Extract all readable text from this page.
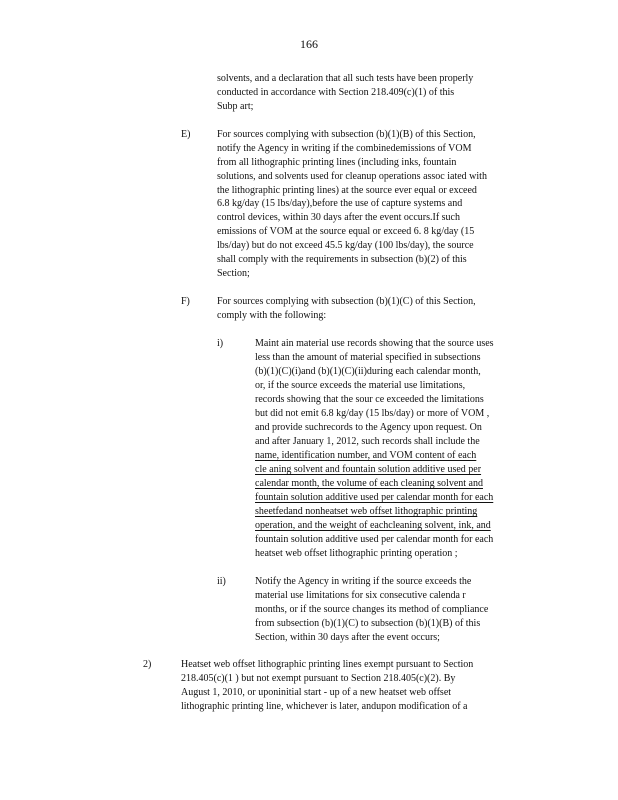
166
solvents, and a declaration that all such tests have been properly
conducted in accordance with Section 218.409(c)(1) of this
Subp art;
E)	For sources complying with subsection (b)(1)(B) of this Section,
notify the Agency in writing if the combinedemissions of VOM
from all lithographic printing lines (including inks, fountain
solutions, and solvents used for cleanup operations assoc iated with
the lithographic printing lines) at the source ever equal or exceed
6.8 kg/day (15 lbs/day),before the use of capture systems and
control devices, within 30 days after the event occurs.If such
emissions of VOM at the source equal or exceed 6. 8 kg/day (15
lbs/day) but do not exceed 45.5 kg/day (100 lbs/day), the source
shall comply with the requirements in subsection (b)(2) of this
Section;
F)	For sources complying with subsection (b)(1)(C) of this Section,
comply with the following:
i)	Maint ain material use records showing that the source uses
less than the amount of material specified in subsections
(b)(1)(C)(i)and (b)(1)(C)(ii)during each calendar month,
or, if the source exceeds the material use limitations,
records showing that the sour ce exceeded the limitations
but did not emit 6.8 kg/day (15 lbs/day) or more of VOM ,
and provide suchrecords to the Agency upon request. On
and after January 1, 2012, such records shall include the
name, identification number, and VOM content of each
cle aning solvent and fountain solution additive used per
calendar month, the volume of each cleaning solvent and
fountain solution additive used per calendar month for each
sheetfedand nonheatset web offset lithographic printing
operation, and the weight of eachcleaning solvent, ink, and
fountain solution additive used per calendar month for each
heatset web offset lithographic printing operation ;
ii)	Notify the Agency in writing if the source exceeds the
material use limitations for six consecutive calenda r
months, or if the source changes its method of compliance
from subsection (b)(1)(C) to subsection (b)(1)(B) of this
Section, within 30 days after the event occurs;
2)	Heatset web offset lithographic printing lines exempt pursuant to Section
218.405(c)(1 ) but not exempt pursuant to Section 218.405(c)(2). By
August 1, 2010, or uponinitial start - up of a new heatset web offset
lithographic printing line, whichever is later, andupon modification of a
